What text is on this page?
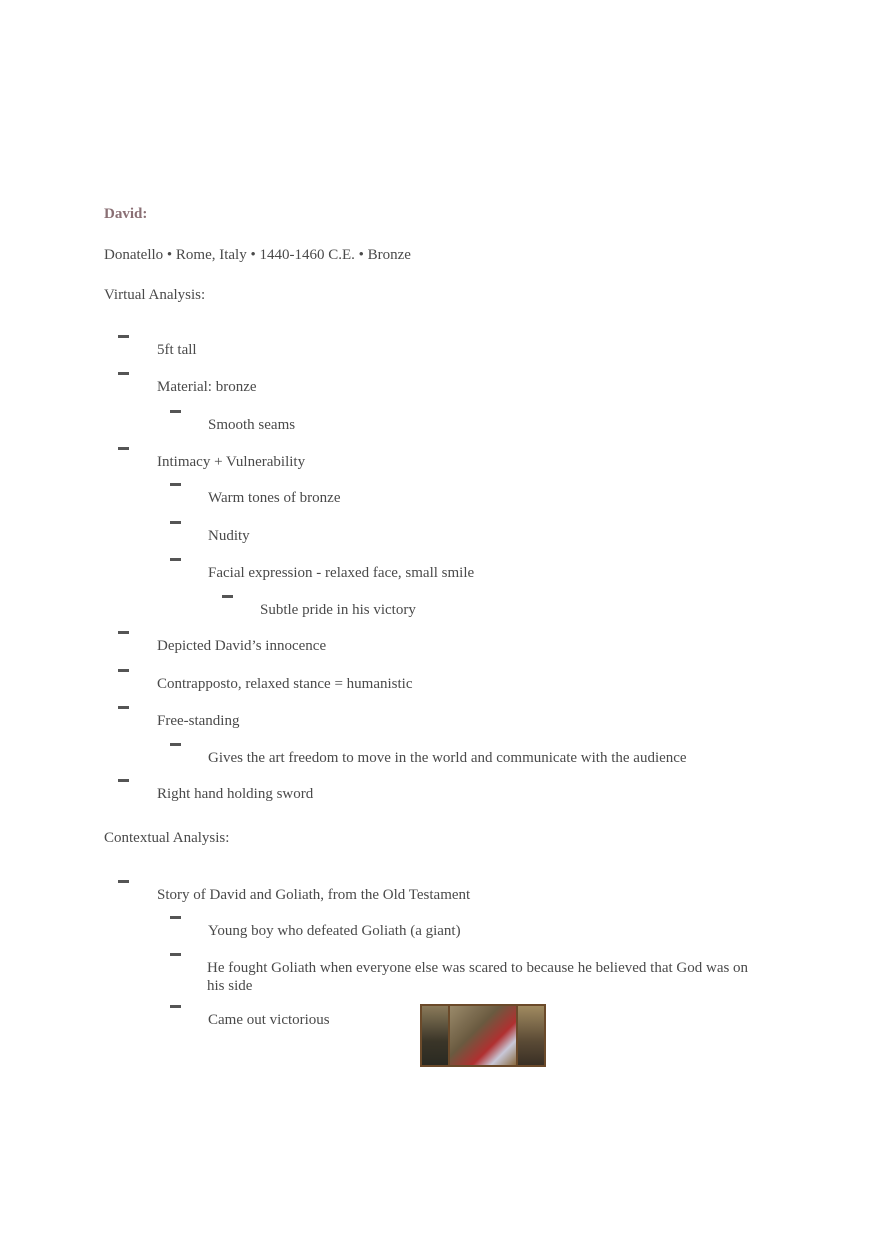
David:
Donatello • Rome, Italy • 1440-1460 C.E. • Bronze
Virtual Analysis:
5ft tall
Material: bronze
Smooth seams
Intimacy + Vulnerability
Warm tones of bronze
Nudity
Facial expression - relaxed face, small smile
Subtle pride in his victory
Depicted David’s innocence
Contrapposto, relaxed stance = humanistic
Free-standing
Gives the art freedom to move in the world and communicate with the audience
Right hand holding sword
Contextual Analysis:
Story of David and Goliath, from the Old Testament
Young boy who defeated Goliath (a giant)
He fought Goliath when everyone else was scared to because he believed that God was on his side
Came out victorious
